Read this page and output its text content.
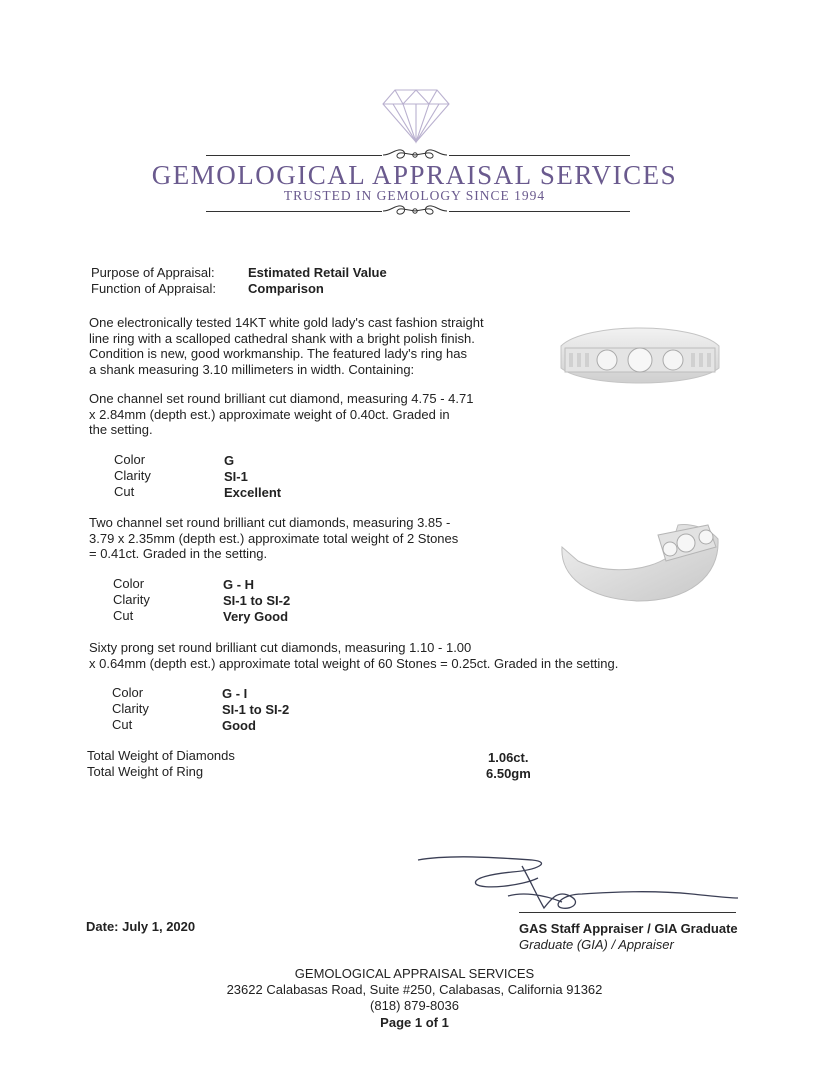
GEMOLOGICAL APPRAISAL SERVICES
TRUSTED IN GEMOLOGY SINCE 1994
Purpose of Appraisal:	Estimated Retail Value
Function of Appraisal: Comparison
One electronically tested 14KT white gold lady's cast fashion straight
line ring with a scalloped cathedral shank with a bright polish finish.
Condition is new, good workmanship. The featured lady's ring has
a shank measuring 3.10 millimeters in width. Containing:
One channel set round brilliant cut diamond, measuring 4.75 - 4.71
x 2.84mm (depth est.) approximate weight of 0.40ct. Graded in
the setting.
Color	G
Clarity	SI-1
Cut	Excellent
Two channel set round brilliant cut diamonds, measuring 3.85 -
3.79 x 2.35mm (depth est.) approximate total weight of 2 Stones
= 0.41ct. Graded in the setting.
Color	G - H
Clarity	SI-1 to SI-2
Cut	Very Good
Sixty prong set round brilliant cut diamonds, measuring 1.10 - 1.00
x 0.64mm (depth est.) approximate total weight of 60 Stones = 0.25ct. Graded in the setting.
Color	G - I
Clarity	SI-1 to SI-2
Cut	Good
Total Weight of Diamonds	1.06ct.
Total Weight of Ring	6.50gm
Date: July 1, 2020	GAS Staff Appraiser / GIA Graduate
Graduate (GIA) / Appraiser
GEMOLOGICAL APPRAISAL SERVICES
23622 Calabasas Road, Suite #250, Calabasas, California 91362
(818) 879-8036
Page 1 of 1
